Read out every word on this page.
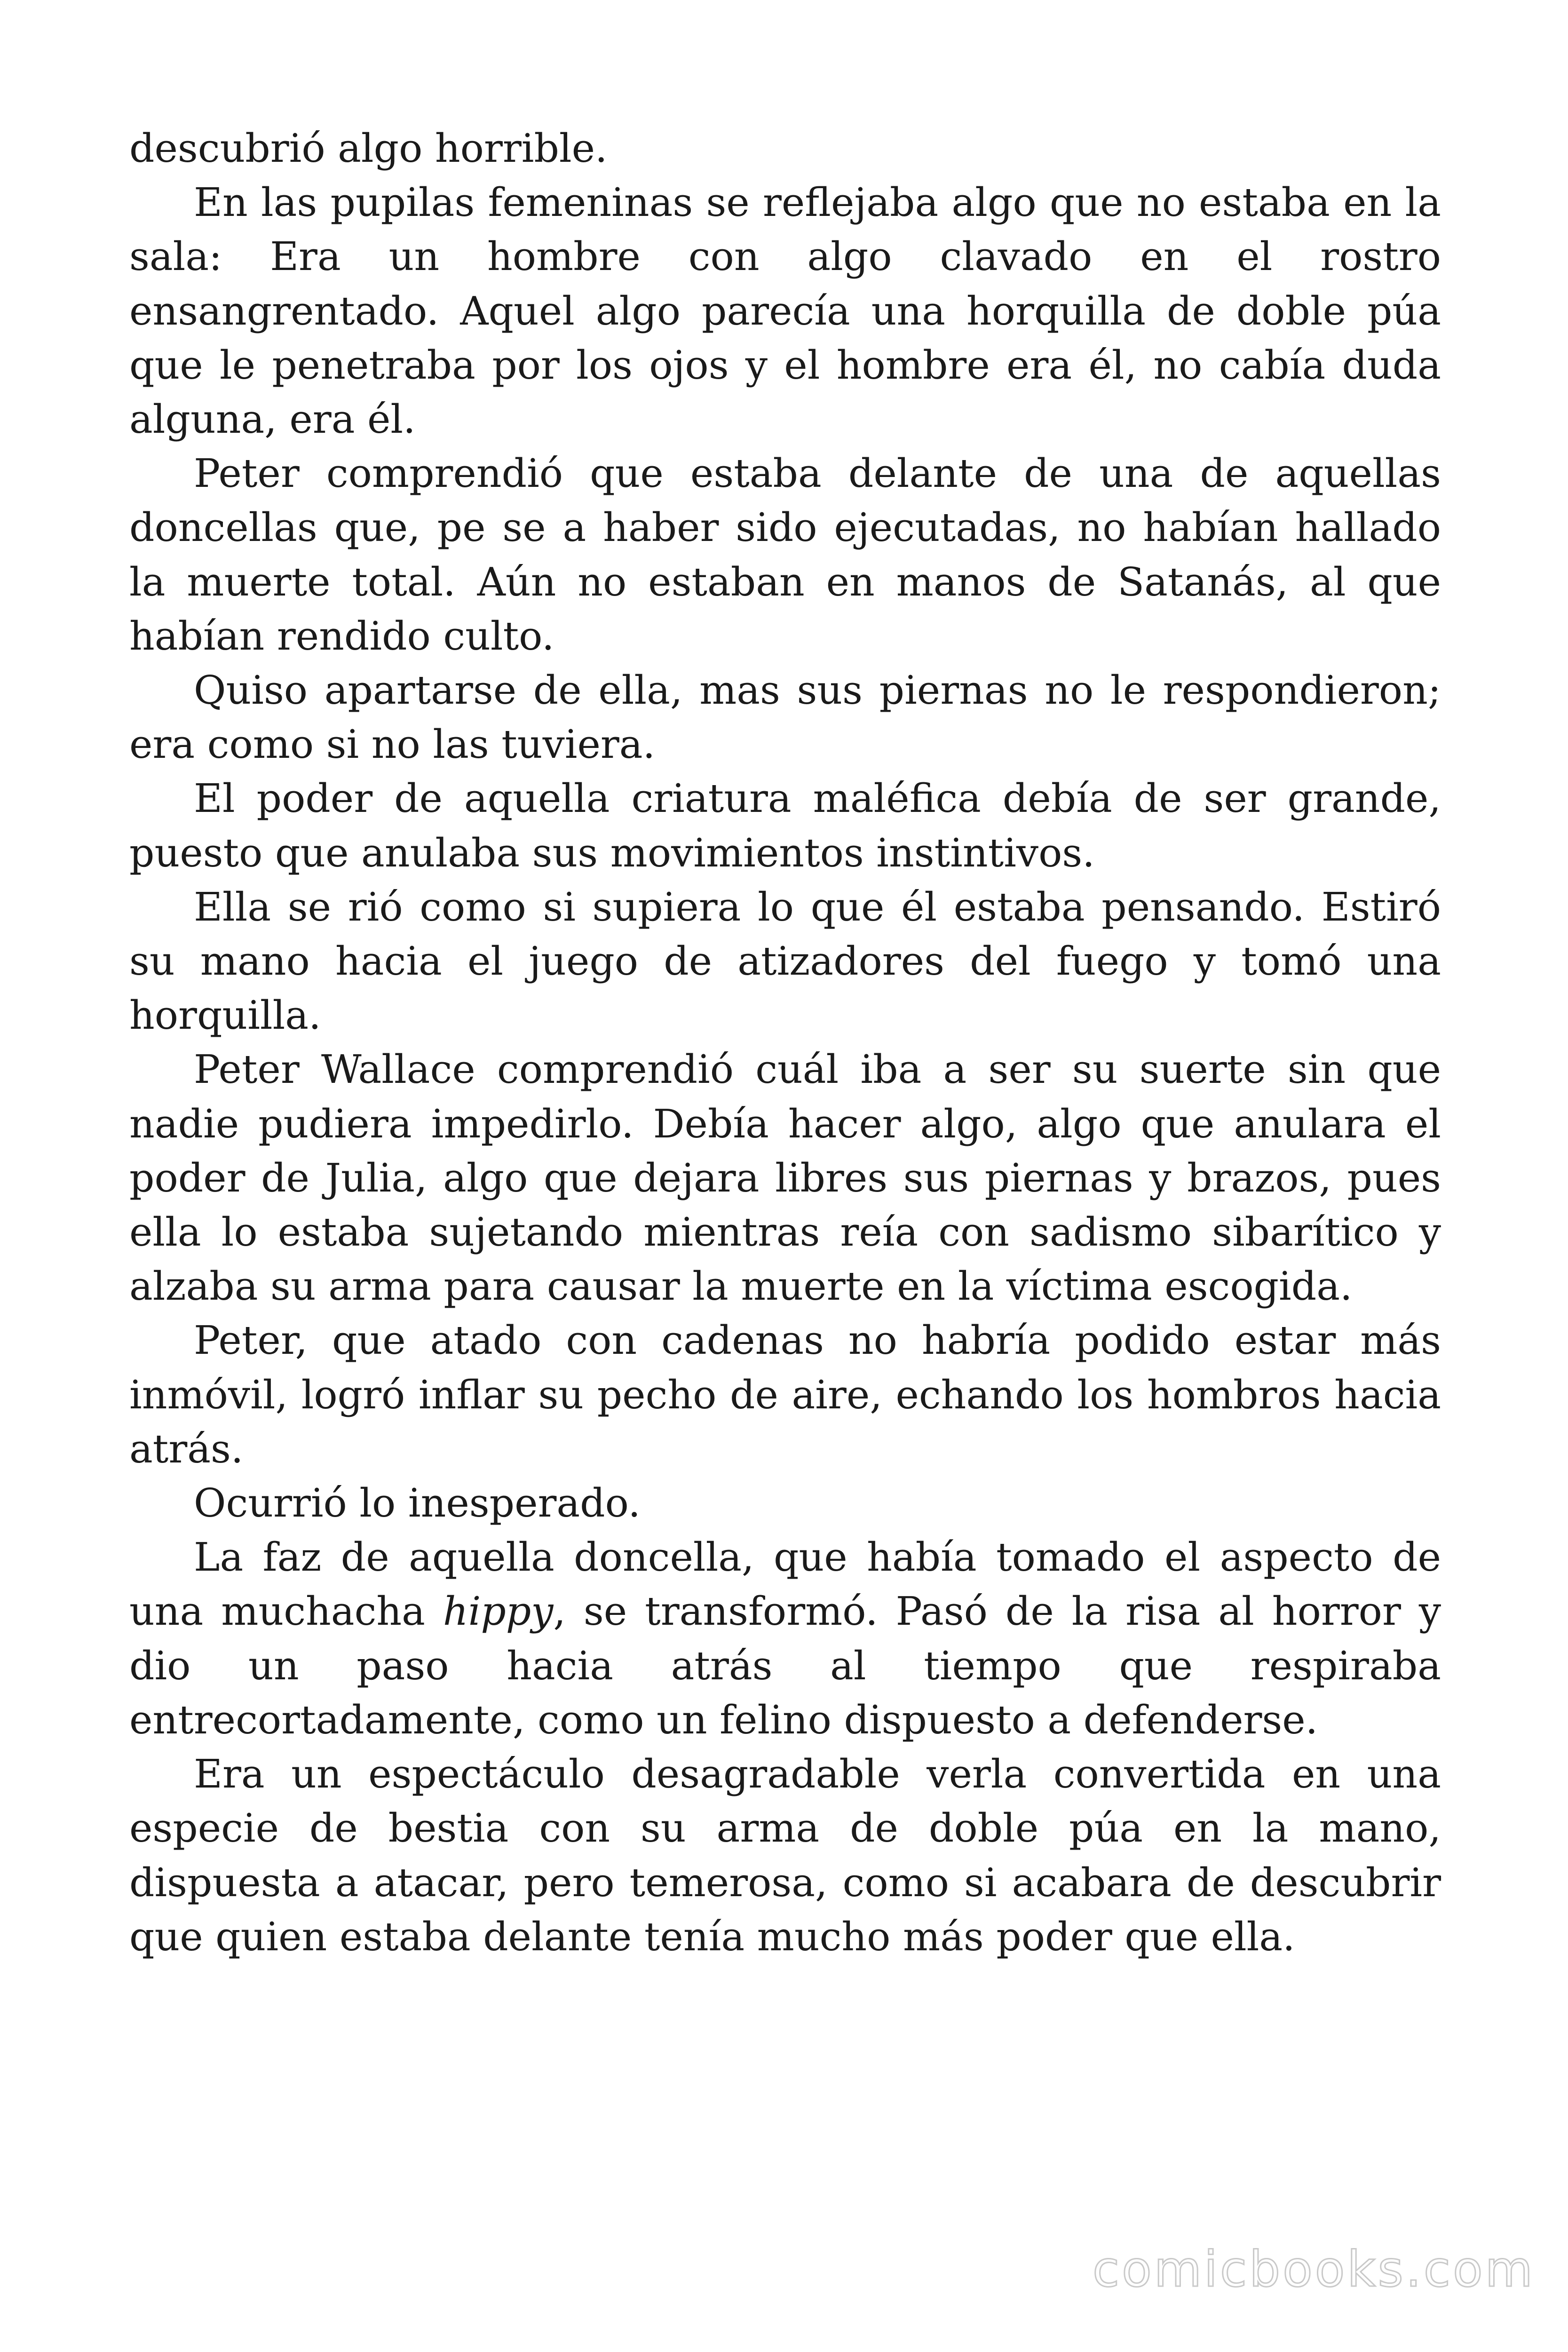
descubrió algo horrible.

En las pupilas femeninas se reflejaba algo que no estaba en la sala: Era un hombre con algo clavado en el rostro ensangrentado. Aquel algo parecía una horquilla de doble púa que le penetraba por los ojos y el hombre era él, no cabía duda alguna, era él.

Peter comprendió que estaba delante de una de aquellas doncellas que, pe se a haber sido ejecutadas, no habían hallado la muerte total. Aún no estaban en manos de Satanás, al que habían rendido culto.

Quiso apartarse de ella, mas sus piernas no le respondieron; era como si no las tuviera.

El poder de aquella criatura maléfica debía de ser grande, puesto que anulaba sus movimientos instintivos.

Ella se rió como si supiera lo que él estaba pensando. Estiró su mano hacia el juego de atizadores del fuego y tomó una horquilla.

Peter Wallace comprendió cuál iba a ser su suerte sin que nadie pudiera impedirlo. Debía hacer algo, algo que anulara el poder de Julia, algo que dejara libres sus piernas y brazos, pues ella lo estaba sujetando mientras reía con sadismo sibarítico y alzaba su arma para causar la muerte en la víctima escogida.

Peter, que atado con cadenas no habría podido estar más inmóvil, logró inflar su pecho de aire, echando los hombros hacia atrás.

Ocurrió lo inesperado.

La faz de aquella doncella, que había tomado el aspecto de una muchacha hippy, se transformó. Pasó de la risa al horror y dio un paso hacia atrás al tiempo que respiraba entrecortadamente, como un felino dispuesto a defenderse.

Era un espectáculo desagradable verla convertida en una especie de bestia con su arma de doble púa en la mano, dispuesta a atacar, pero temerosa, como si acabara de descubrir que quien estaba delante tenía mucho más poder que ella.

comicbooks.com
